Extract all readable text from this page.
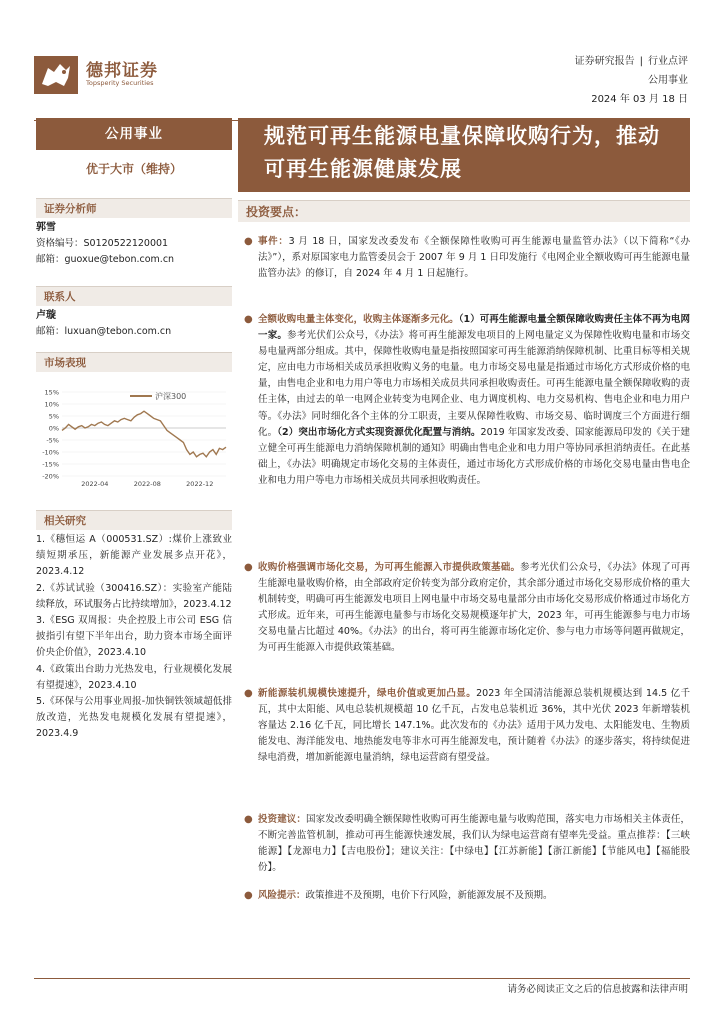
德邦证券
Topsperity Securities
证券研究报告 | 行业点评
公用事业
2024 年 03 月 18 日
公用事业
优于大市（维持）
规范可再生能源电量保障收购行为，推动可再生能源健康发展
证券分析师
郭雪
资格编号：S0120522120001
邮箱：guoxue@tebon.com.cn
联系人
卢璇
邮箱：luxuan@tebon.com.cn
市场表现
15%
10%
5%
0%
-5%
-10%
-15%
-20%
2022-04	2022-08	2022-12
沪深300
相关研究
1.《穗恒运 A（000531.SZ）:煤价上涨致业绩短期承压，新能源产业发展多点开花》，2023.4.12
2.《苏试试验（300416.SZ）：实验室产能陆续释放，环试服务占比持续增加》，2023.4.12
3.《ESG 双周报：央企控股上市公司 ESG 信披指引有望下半年出台，助力资本市场全面评价央企价值》，2023.4.10
4.《政策出台助力光热发电，行业规模化发展有望提速》，2023.4.10
5.《环保与公用事业周报-加快铜铁领域超低排放改造，光热发电规模化发展有望提速》，2023.4.9
投资要点：
● 事件：3 月 18 日，国家发改委发布《全额保障性收购可再生能源电量监管办法》（以下简称“《办法》”），系对原国家电力监管委员会于 2007 年 9 月 1 日印发施行《电网企业全额收购可再生能源电量监管办法》的修订，自 2024 年 4 月 1 日起施行。
● 全额收购电量主体变化，收购主体逐渐多元化。（1）可再生能源电量全额保障收购责任主体不再为电网一家。参考光伏们公众号，《办法》将可再生能源发电项目的上网电量定义为保障性收购电量和市场交易电量两部分组成。其中，保障性收购电量是指按照国家可再生能源消纳保障机制、比重目标等相关规定，应由电力市场相关成员承担收购义务的电量。电力市场交易电量是指通过市场化方式形成价格的电量，由售电企业和电力用户等电力市场相关成员共同承担收购责任。可再生能源电量全额保障收购的责任主体，由过去的单一电网企业转变为电网企业、电力调度机构、电力交易机构、售电企业和电力用户等。《办法》同时细化各个主体的分工职责，主要从保障性收购、市场交易、临时调度三个方面进行细化。（2）突出市场化方式实现资源优化配置与消纳。2019 年国家发改委、国家能源局印发的《关于建立健全可再生能源电力消纳保障机制的通知》明确由售电企业和电力用户等协同承担消纳责任。在此基础上，《办法》明确规定市场化交易的主体责任，通过市场化方式形成价格的市场化交易电量由售电企业和电力用户等电力市场相关成员共同承担收购责任。
● 收购价格强调市场化交易，为可再生能源入市提供政策基础。参考光伏们公众号，《办法》体现了可再生能源电量收购价格，由全部政府定价转变为部分政府定价，其余部分通过市场化交易形成价格的重大机制转变，明确可再生能源发电项目上网电量中市场交易电量部分由市场化交易形成价格通过市场化方式形成。近年来，可再生能源电量参与市场化交易规模逐年扩大，2023 年，可再生能源参与电力市场交易电量占比超过 40%。《办法》的出台，将可再生能源市场化定价、参与电力市场等问题再做规定，为可再生能源入市提供政策基础。
● 新能源装机规模快速提升，绿电价值或更加凸显。2023 年全国清洁能源总装机规模达到 14.5 亿千瓦，其中太阳能、风电总装机规模超 10 亿千瓦，占发电总装机近 36%，其中光伏 2023 年新增装机容量达 2.16 亿千瓦，同比增长 147.1%。此次发布的《办法》适用于风力发电、太阳能发电、生物质能发电、海洋能发电、地热能发电等非水可再生能源发电，预计随着《办法》的逐步落实，将持续促进绿电消费，增加新能源电量消纳，绿电运营商有望受益。
● 投资建议：国家发改委明确全额保障性收购可再生能源电量与收购范围，落实电力市场相关主体责任，不断完善监管机制，推动可再生能源快速发展，我们认为绿电运营商有望率先受益。重点推荐：【三峡能源】【龙源电力】【吉电股份】；建议关注：【中绿电】【江苏新能】【浙江新能】【节能风电】【福能股份】。
● 风险提示：政策推进不及预期，电价下行风险，新能源发展不及预期。
请务必阅读正文之后的信息披露和法律声明
